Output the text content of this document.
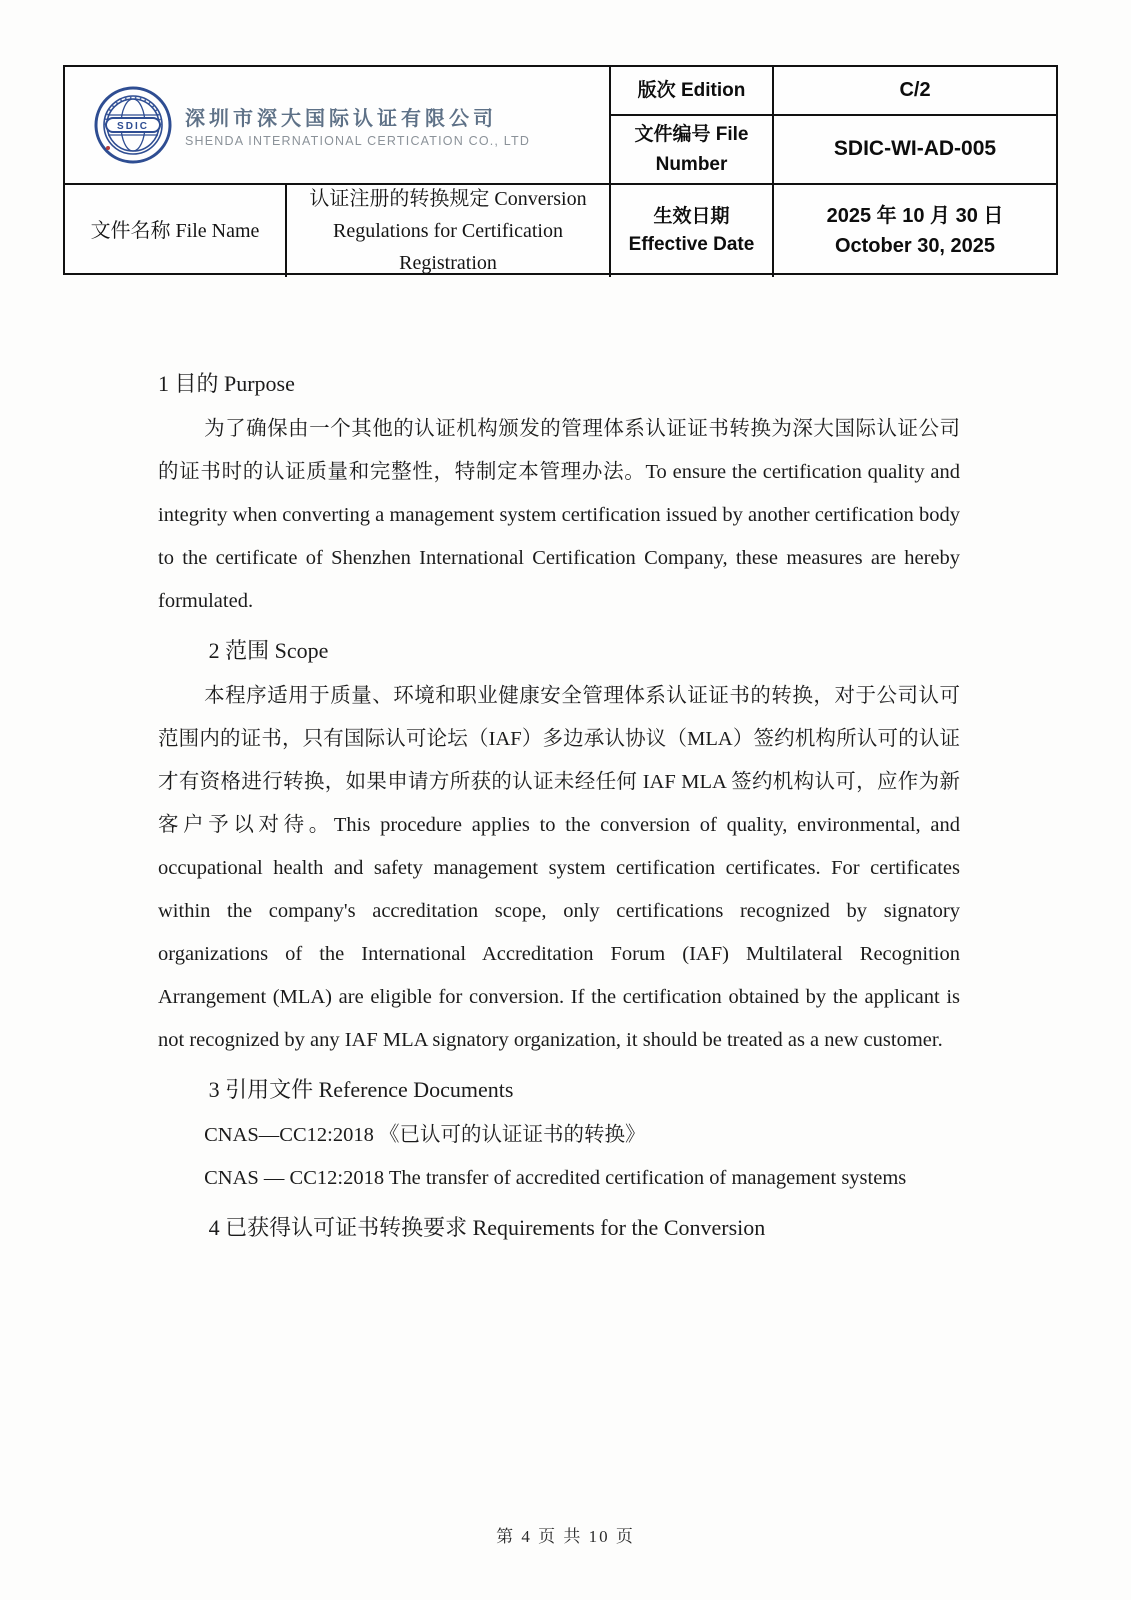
SDIC 深圳市深大国际认证有限公司
SHENDA INTERNATIONAL CERTICATION CO., LTD
版次 Edition	C/2
文件编号 File Number
SDIC-WI-AD-005
文件名称 File Name
认证注册的转换规定 Conversion Regulations for Certification Registration
生效日期
Effective Date
2025 年 10 月 30 日
October 30, 2025
1 目的 Purpose

为了确保由一个其他的认证机构颁发的管理体系认证证书转换为深大国际认证公司的证书时的认证质量和完整性，特制定本管理办法。To ensure the certification quality and integrity when converting a management system certification issued by another certification body to the certificate of Shenzhen International Certification Company, these measures are hereby formulated.

2 范围 Scope

本程序适用于质量、环境和职业健康安全管理体系认证证书的转换，对于公司认可范围内的证书，只有国际认可论坛（IAF）多边承认协议（MLA）签约机构所认可的认证才有资格进行转换，如果申请方所获的认证未经任何 IAF MLA 签约机构认可，应作为新客户予以对待。This procedure applies to the conversion of quality, environmental, and occupational health and safety management system certification certificates. For certificates within the company's accreditation scope, only certifications recognized by signatory organizations of the International Accreditation Forum (IAF) Multilateral Recognition Arrangement (MLA) are eligible for conversion. If the certification obtained by the applicant is not recognized by any IAF MLA signatory organization, it should be treated as a new customer.

3 引用文件 Reference Documents

CNAS—CC12:2018 《已认可的认证证书的转换》

CNAS — CC12:2018 The transfer of accredited certification of management systems

4 已获得认可证书转换要求 Requirements for the Conversion
第 4 页 共 10 页
